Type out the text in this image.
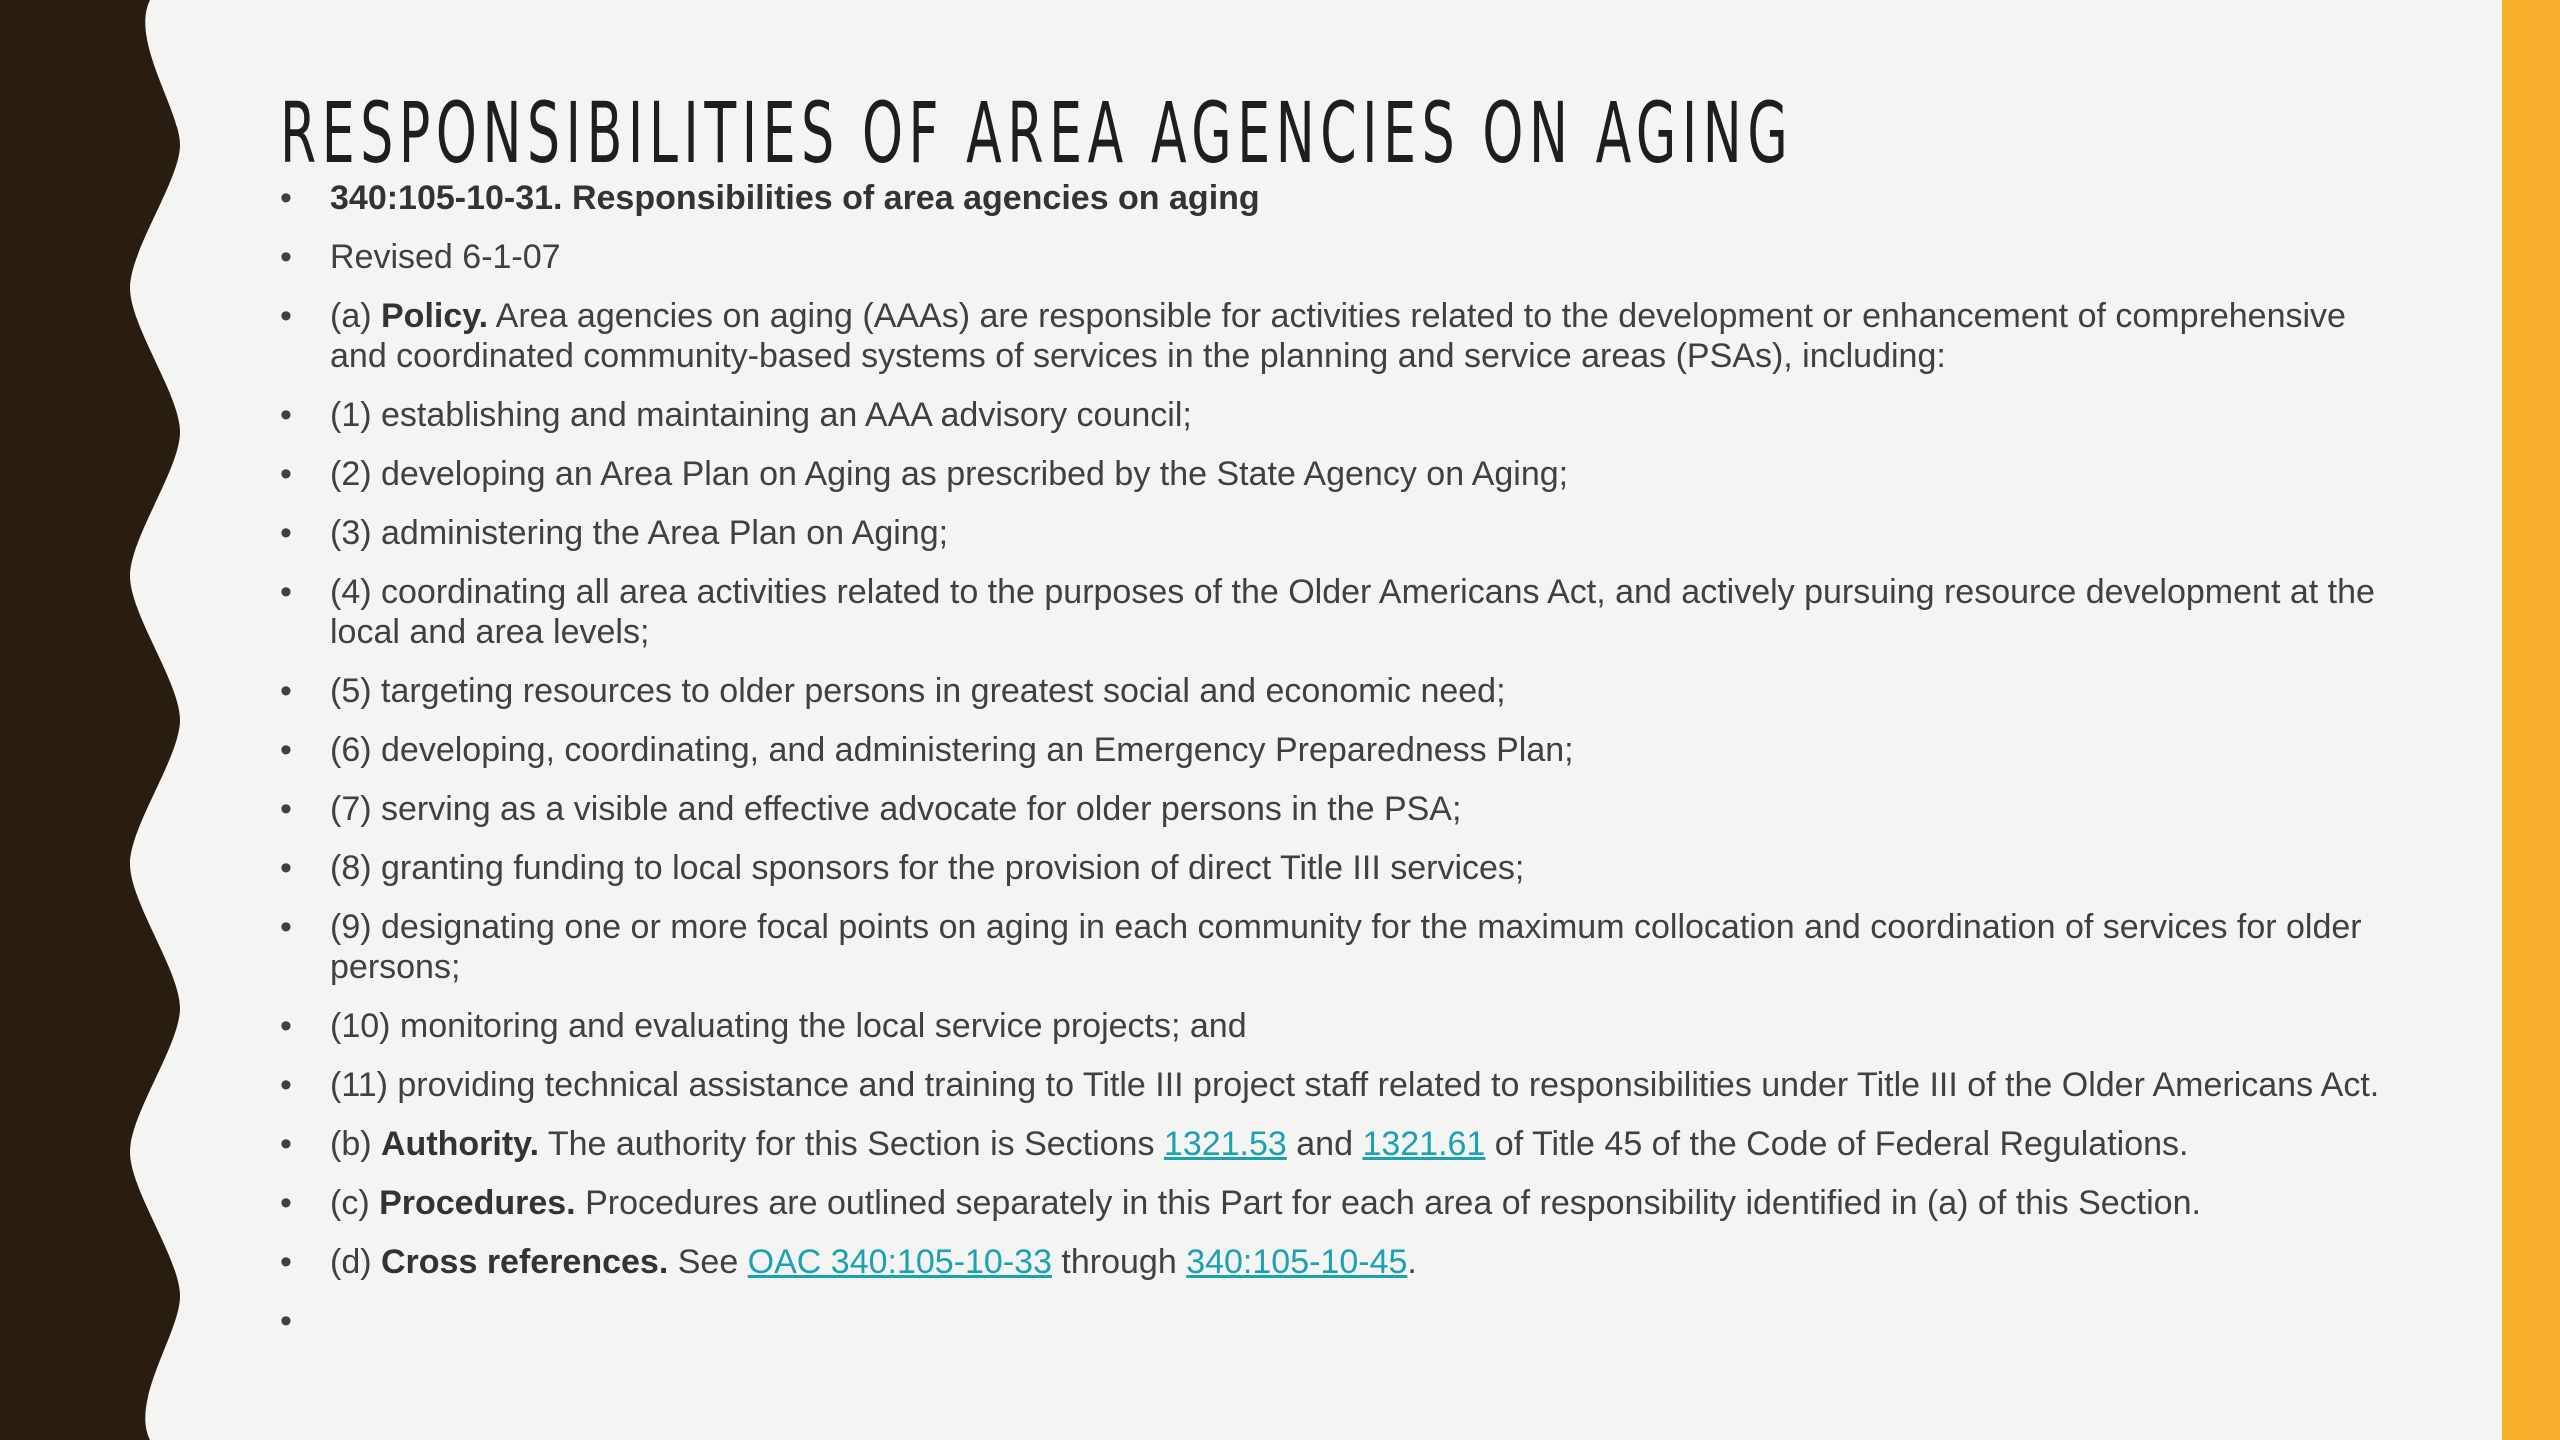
RESPONSIBILITIES OF AREA AGENCIES ON AGING
• 340:105-10-31. Responsibilities of area agencies on aging
• Revised 6-1-07
• (a) Policy. Area agencies on aging (AAAs) are responsible for activities related to the development or enhancement of comprehensive and coordinated community-based systems of services in the planning and service areas (PSAs), including:
• (1) establishing and maintaining an AAA advisory council;
• (2) developing an Area Plan on Aging as prescribed by the State Agency on Aging;
• (3) administering the Area Plan on Aging;
• (4) coordinating all area activities related to the purposes of the Older Americans Act, and actively pursuing resource development at the local and area levels;
• (5) targeting resources to older persons in greatest social and economic need;
• (6) developing, coordinating, and administering an Emergency Preparedness Plan;
• (7) serving as a visible and effective advocate for older persons in the PSA;
• (8) granting funding to local sponsors for the provision of direct Title III services;
• (9) designating one or more focal points on aging in each community for the maximum collocation and coordination of services for older persons;
• (10) monitoring and evaluating the local service projects; and
• (11) providing technical assistance and training to Title III project staff related to responsibilities under Title III of the Older Americans Act.
• (b) Authority. The authority for this Section is Sections 1321.53 and 1321.61 of Title 45 of the Code of Federal Regulations.
• (c) Procedures. Procedures are outlined separately in this Part for each area of responsibility identified in (a) of this Section.
• (d) Cross references. See OAC 340:105-10-33 through 340:105-10-45.
•
